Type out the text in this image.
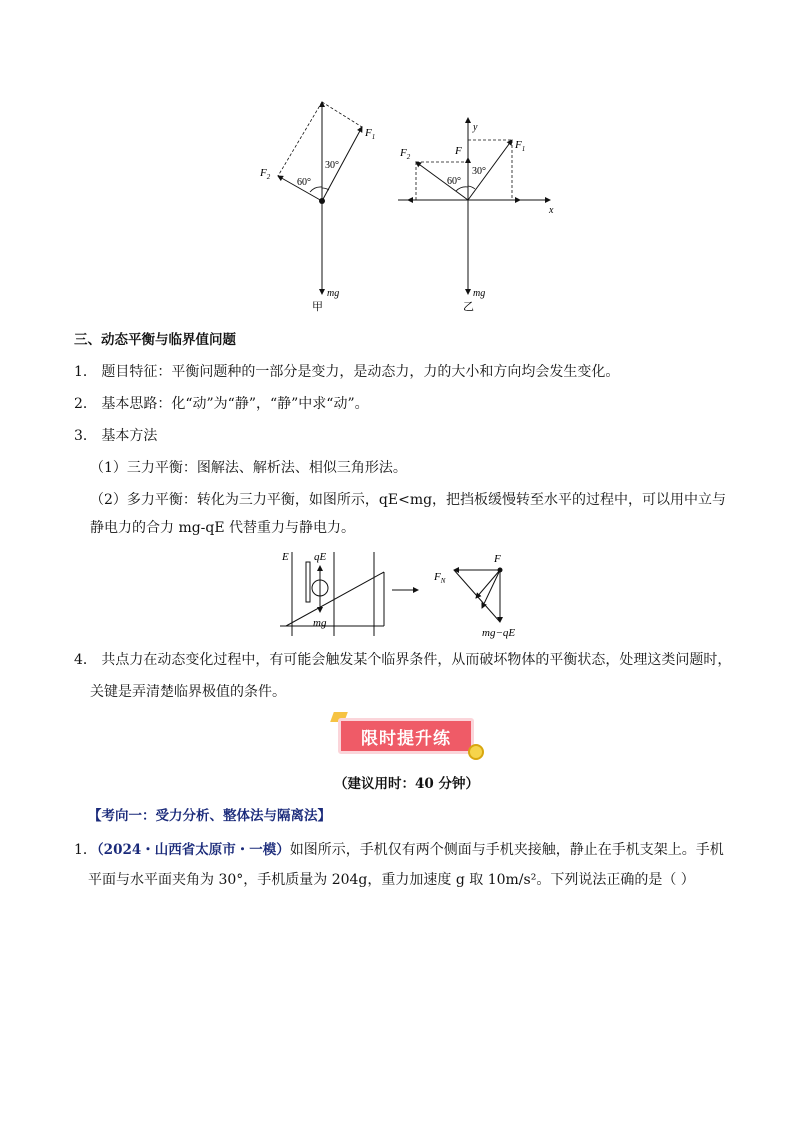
$F_1$
$F_2$	60°
30°
mg
甲
$F_1$
$F_2$	F
y
x
60°
30°
mg
乙
三、动态平衡与临界值问题
1． 题目特征：平衡问题种的一部分是变力，是动态力，力的大小和方向均会发生变化。
2． 基本思路：化“动”为“静”，“静”中求“动”。
3． 基本方法
（1）三力平衡：图解法、解析法、相似三角形法。
（2）多力平衡：转化为三力平衡，如图所示，qE<mg，把挡板缓慢转至水平的过程中，可以用中立与
静电力的合力 mg-qE 代替重力与静电力。
E qE
mg
F
$F_N$
mg−qE
4． 共点力在动态变化过程中，有可能会触发某个临界条件，从而破坏物体的平衡状态，处理这类问题时，
关键是弄清楚临界极值的条件。
限时提升练
（建议用时：40 分钟）
【考向一：受力分析、整体法与隔离法】
1．（2024・山西省太原市・一模）如图所示，手机仅有两个侧面与手机夹接触，静止在手机支架上。手机
平面与水平面夹角为 30°，手机质量为 204g，重力加速度 g 取 10m/s²。下列说法正确的是（ ）
